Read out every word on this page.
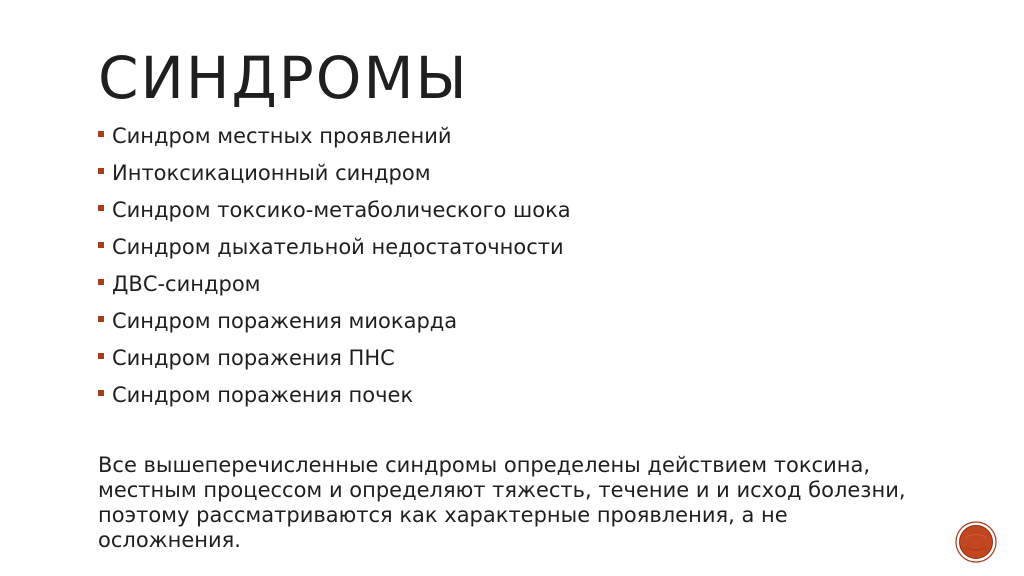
СИНДРОМЫ
Синдром местных проявлений
Интоксикационный синдром
Синдром токсико-метаболического шока
Синдром дыхательной недостаточности
ДВС-синдром
Синдром поражения миокарда
Синдром поражения ПНС
Синдром поражения почек

Все вышеперечисленные синдромы определены действием токсина, местным процессом и определяют тяжесть, течение и и исход болезни, поэтому рассматриваются как характерные проявления, а не осложнения.
